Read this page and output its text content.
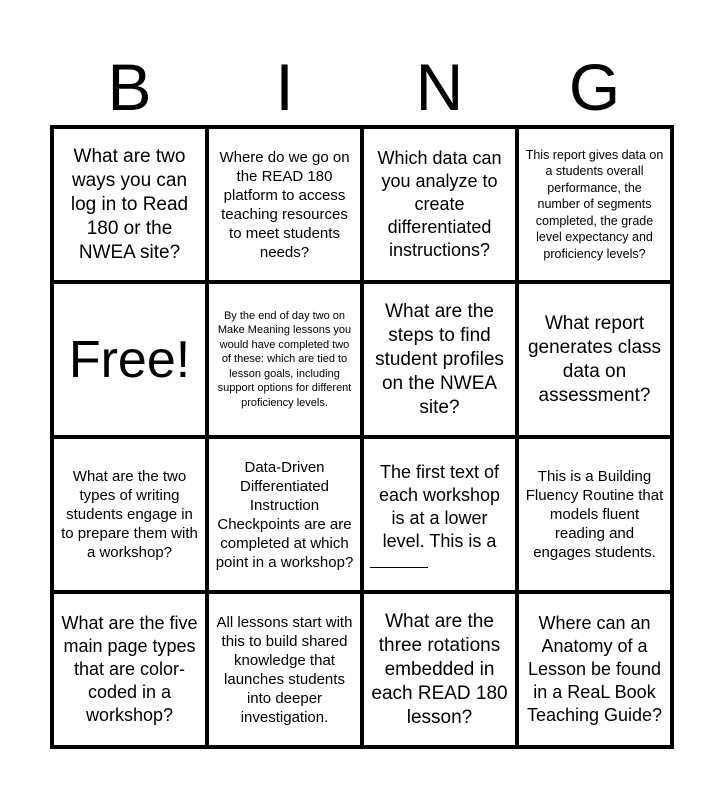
B	I	N	G
What are two ways you can log in to Read 180 or the NWEA site?
Where do we go on the READ 180 platform to access teaching resources to meet students needs?
Which data can you analyze to create differentiated instructions?
This report gives data on a students overall performance, the number of segments completed, the grade level expectancy and proficiency levels?
Free!
By the end of day two on Make Meaning lessons you would have completed two of these: which are tied to lesson goals, including support options for different proficiency levels.
What are the steps to find student profiles on the NWEA site?
What report generates class data on assessment?
What are the two types of writing students engage in to prepare them with a workshop?
Data-Driven Differentiated Instruction Checkpoints are are completed at which point in a workshop?
The first text of each workshop is at a lower level. This is a
This is a Building Fluency Routine that models fluent reading and engages students.
What are the five main page types that are color-coded in a workshop?
All lessons start with this to build shared knowledge that launches students into deeper investigation.
What are the three rotations embedded in each READ 180 lesson?
Where can an Anatomy of a Lesson be found in a ReaL Book Teaching Guide?
